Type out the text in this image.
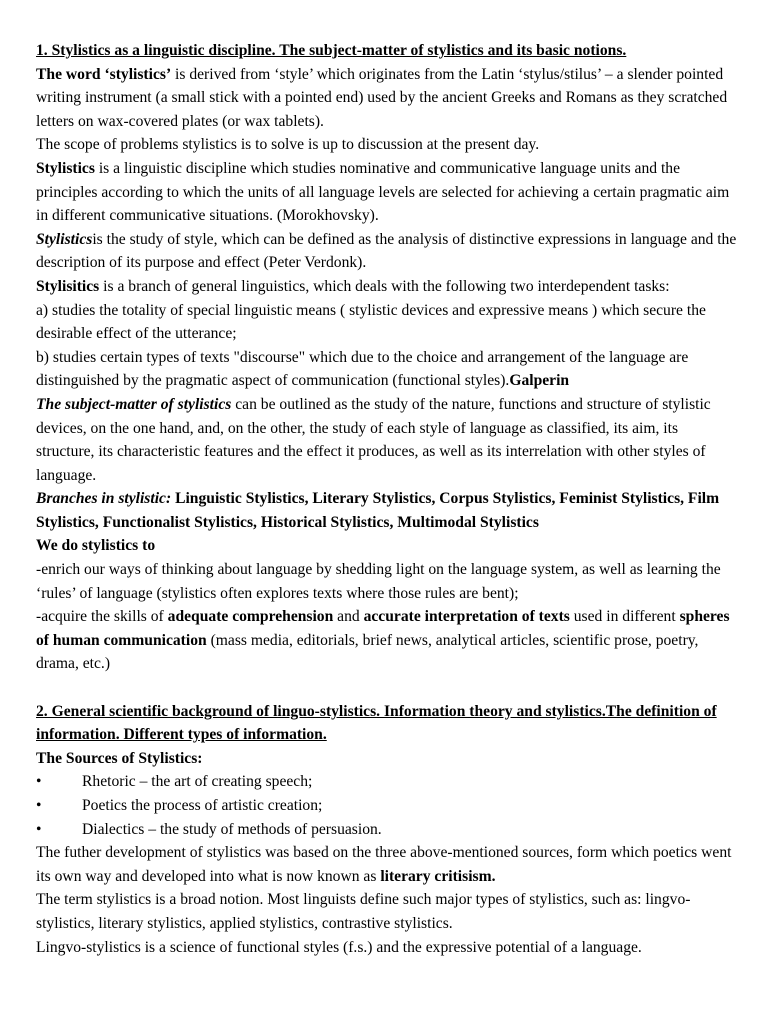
1. Stylistics as a linguistic discipline. The subject-matter of stylistics and its basic notions.

The word ‘stylistics’ is derived from ‘style’ which originates from the Latin ‘stylus/stilus’ – a slender pointed writing instrument (a small stick with a pointed end) used by the ancient Greeks and Romans as they scratched letters on wax-covered plates (or wax tablets).

The scope of problems stylistics is to solve is up to discussion at the present day.

Stylistics is a linguistic discipline which studies nominative and communicative language units and the principles according to which the units of all language levels are selected for achieving a certain pragmatic aim in different communicative situations. (Morokhovsky).

Stylisticsis the study of style, which can be defined as the analysis of distinctive expressions in language and the description of its purpose and effect (Peter Verdonk).

Stylisitics is a branch of general linguistics, which deals with the following two interdependent tasks:

a) studies the totality of special linguistic means ( stylistic devices and expressive means ) which secure the desirable effect of the utterance;

b) studies certain types of texts "discourse" which due to the choice and arrangement of the language are distinguished by the pragmatic aspect of communication (functional styles).Galperin

The subject-matter of stylistics can be outlined as the study of the nature, functions and structure of stylistic devices, on the one hand, and, on the other, the study of each style of language as classified, its aim, its structure, its characteristic features and the effect it produces, as well as its interrelation with other styles of language.

Branches in stylistic: Linguistic Stylistics, Literary Stylistics, Corpus Stylistics, Feminist Stylistics, Film Stylistics, Functionalist Stylistics, Historical Stylistics, Multimodal Stylistics

We do stylistics to

-enrich our ways of thinking about language by shedding light on the language system, as well as learning the ‘rules’ of language (stylistics often explores texts where those rules are bent);

-acquire the skills of adequate comprehension and accurate interpretation of texts used in different spheres of human communication (mass media, editorials, brief news, analytical articles, scientific prose, poetry, drama, etc.)

2. General scientific background of linguo-stylistics. Information theory and stylistics.The definition of information. Different types of information.

The Sources of Stylistics:

•	Rhetoric – the art of creating speech;
•	Poetics the process of artistic creation;
•	Dialectics – the study of methods of persuasion.

The futher development of stylistics was based on the three above-mentioned sources, form which poetics went its own way and developed into what is now known as literary critisism.

The term stylistics is a broad notion. Most linguists define such major types of stylistics, such as: lingvo-stylistics, literary stylistics, applied stylistics, contrastive stylistics.

Lingvo-stylistics is a science of functional styles (f.s.) and the expressive potential of a language.
